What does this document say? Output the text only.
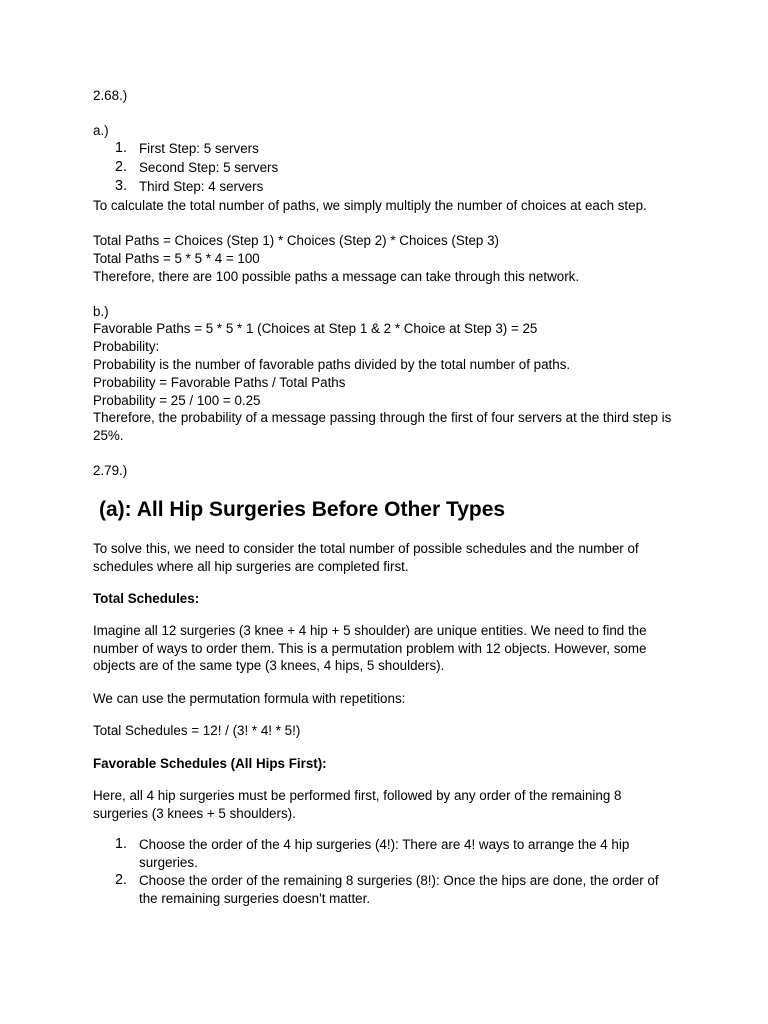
2.68.)

a.)

1. First Step: 5 servers
2. Second Step: 5 servers
3. Third Step: 4 servers

To calculate the total number of paths, we simply multiply the number of choices at each step.

Total Paths = Choices (Step 1) * Choices (Step 2) * Choices (Step 3)

Total Paths = 5 * 5 * 4 = 100

Therefore, there are 100 possible paths a message can take through this network.

b.)

Favorable Paths = 5 * 5 * 1 (Choices at Step 1 & 2 * Choice at Step 3) = 25

Probability:

Probability is the number of favorable paths divided by the total number of paths.

Probability = Favorable Paths / Total Paths

Probability = 25 / 100 = 0.25

Therefore, the probability of a message passing through the first of four servers at the third step is 25%.

2.79.)

(a): All Hip Surgeries Before Other Types

To solve this, we need to consider the total number of possible schedules and the number of schedules where all hip surgeries are completed first.

Total Schedules:

Imagine all 12 surgeries (3 knee + 4 hip + 5 shoulder) are unique entities. We need to find the number of ways to order them. This is a permutation problem with 12 objects. However, some objects are of the same type (3 knees, 4 hips, 5 shoulders).

We can use the permutation formula with repetitions:

Total Schedules = 12! / (3! * 4! * 5!)

Favorable Schedules (All Hips First):

Here, all 4 hip surgeries must be performed first, followed by any order of the remaining 8 surgeries (3 knees + 5 shoulders).

1. Choose the order of the 4 hip surgeries (4!): There are 4! ways to arrange the 4 hip surgeries.
2. Choose the order of the remaining 8 surgeries (8!): Once the hips are done, the order of the remaining surgeries doesn't matter.
